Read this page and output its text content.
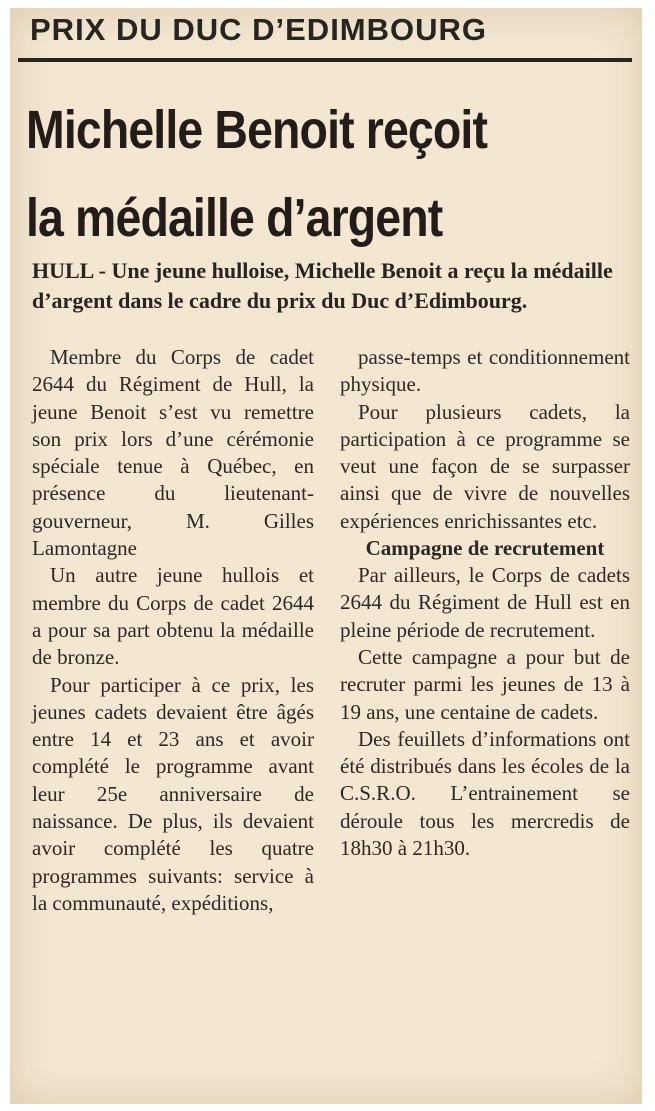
PRIX DU DUC D’EDIMBOURG
Michelle Benoit reçoit
la médaille d’argent
HULL - Une jeune hulloise, Michelle Benoit a reçu la médaille d’argent dans le cadre du prix du Duc d’Edimbourg.

Membre du Corps de cadet 2644 du Régiment de Hull, la jeune Benoit s’est vu remettre son prix lors d’une cérémonie spéciale tenue à Québec, en présence du lieutenant-gouverneur, M. Gilles Lamontagne

Un autre jeune hullois et membre du Corps de cadet 2644 a pour sa part obtenu la médaille de bronze.

Pour participer à ce prix, les jeunes cadets devaient être âgés entre 14 et 23 ans et avoir complété le programme avant leur 25e anniversaire de naissance. De plus, ils devaient avoir complété les quatre programmes suivants: service à la communauté, expéditions,

passe-temps et conditionnement physique.

Pour plusieurs cadets, la participation à ce programme se veut une façon de se surpasser ainsi que de vivre de nouvelles expériences enrichissantes etc.

Campagne de recrutement

Par ailleurs, le Corps de cadets 2644 du Régiment de Hull est en pleine période de recrutement.

Cette campagne a pour but de recruter parmi les jeunes de 13 à 19 ans, une centaine de cadets.

Des feuillets d’informations ont été distribués dans les écoles de la C.S.R.O. L’entrainement se déroule tous les mercredis de 18h30 à 21h30.
